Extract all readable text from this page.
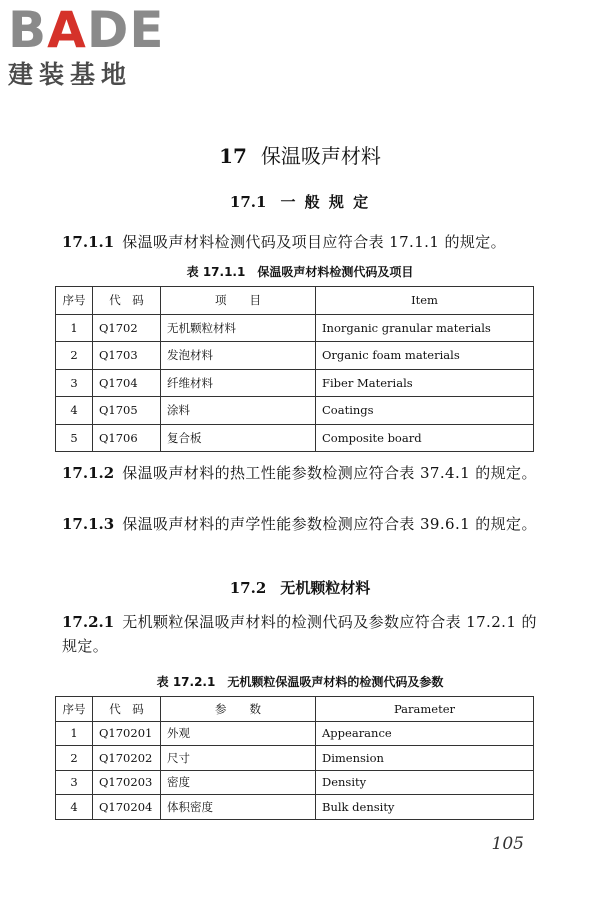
BADE
建装基地
17 保温吸声材料
17.1 一 般 规 定
17.1.1 保温吸声材料检测代码及项目应符合表 17.1.1 的规定。
表 17.1.1 保温吸声材料检测代码及项目
序号	代　码	项　　目	Item
1	Q1702	无机颗粒材料	Inorganic granular materials
2	Q1703	发泡材料	Organic foam materials
3	Q1704	纤维材料	Fiber Materials
4	Q1705	涂料	Coatings
5	Q1706	复合板	Composite board
17.1.2 保温吸声材料的热工性能参数检测应符合表 37.4.1 的规定。
17.1.3 保温吸声材料的声学性能参数检测应符合表 39.6.1 的规定。
17.2 无机颗粒材料
17.2.1 无机颗粒保温吸声材料的检测代码及参数应符合表 17.2.1 的规定。
表 17.2.1 无机颗粒保温吸声材料的检测代码及参数
序号	代　码	参　　数	Parameter
1	Q170201	外观	Appearance
2	Q170202	尺寸	Dimension
3	Q170203	密度	Density
4	Q170204	体积密度	Bulk density
105
